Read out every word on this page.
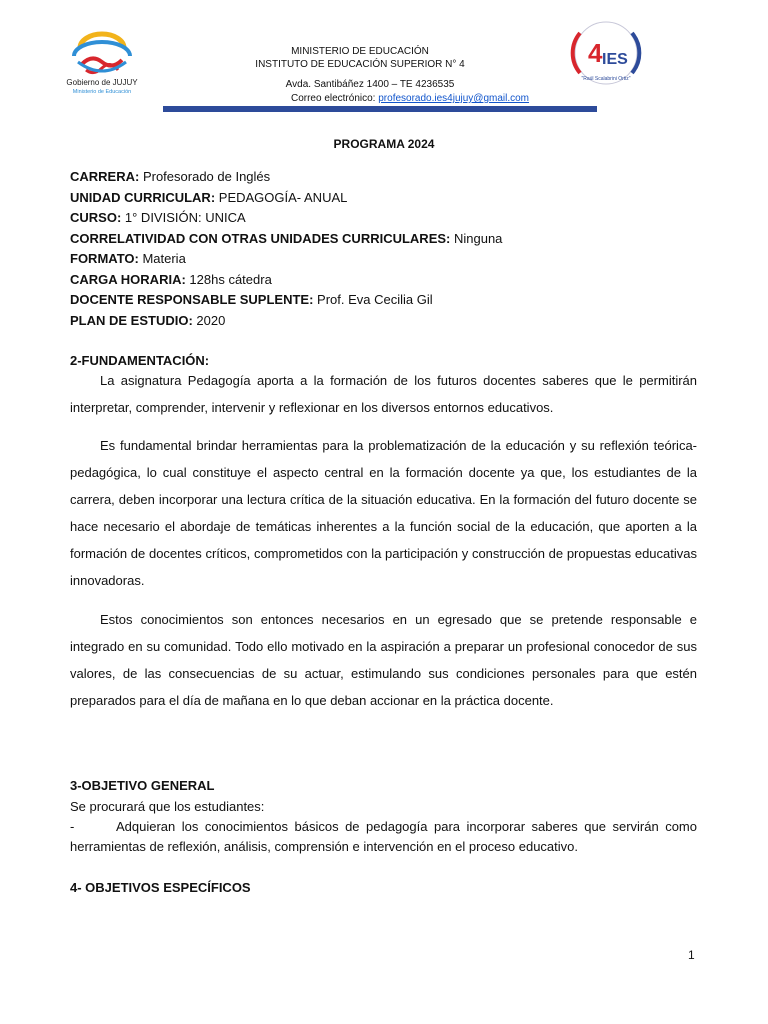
Gobierno de JUJUY
Ministerio de Educación
MINISTERIO DE EDUCACIÓN
INSTITUTO DE EDUCACIÓN SUPERIOR N° 4
Avda. Santibáñez 1400 – TE 4236535
Correo electrónico: profesorado.ies4jujuy@gmail.com
4 IES
"Raúl Scalabrini Ortiz"
PROGRAMA 2024
CARRERA: Profesorado de Inglés
UNIDAD CURRICULAR: PEDAGOGÍA- ANUAL
CURSO: 1° DIVISIÓN: UNICA
CORRELATIVIDAD CON OTRAS UNIDADES CURRICULARES: Ninguna
FORMATO: Materia
CARGA HORARIA: 128hs cátedra
DOCENTE RESPONSABLE SUPLENTE: Prof. Eva Cecilia Gil
PLAN DE ESTUDIO: 2020
2-FUNDAMENTACIÓN:

La asignatura Pedagogía aporta a la formación de los futuros docentes saberes que le permitirán interpretar, comprender, intervenir y reflexionar en los diversos entornos educativos.

Es fundamental brindar herramientas para la problematización de la educación y su reflexión teórica- pedagógica, lo cual constituye el aspecto central en la formación docente ya que, los estudiantes de la carrera, deben incorporar una lectura crítica de la situación educativa. En la formación del futuro docente se hace necesario el abordaje de temáticas inherentes a la función social de la educación, que aporten a la formación de docentes críticos, comprometidos con la participación y construcción de propuestas educativas innovadoras.

Estos conocimientos son entonces necesarios en un egresado que se pretende responsable e integrado en su comunidad. Todo ello motivado en la aspiración a preparar un profesional conocedor de sus valores, de las consecuencias de su actuar, estimulando sus condiciones personales para que estén preparados para el día de mañana en lo que deban accionar en la práctica docente.

3-OBJETIVO GENERAL

Se procurará que los estudiantes:

-	Adquieran los conocimientos básicos de pedagogía para incorporar saberes que servirán como herramientas de reflexión, análisis, comprensión e intervención en el proceso educativo.

4- OBJETIVOS ESPECÍFICOS
1
